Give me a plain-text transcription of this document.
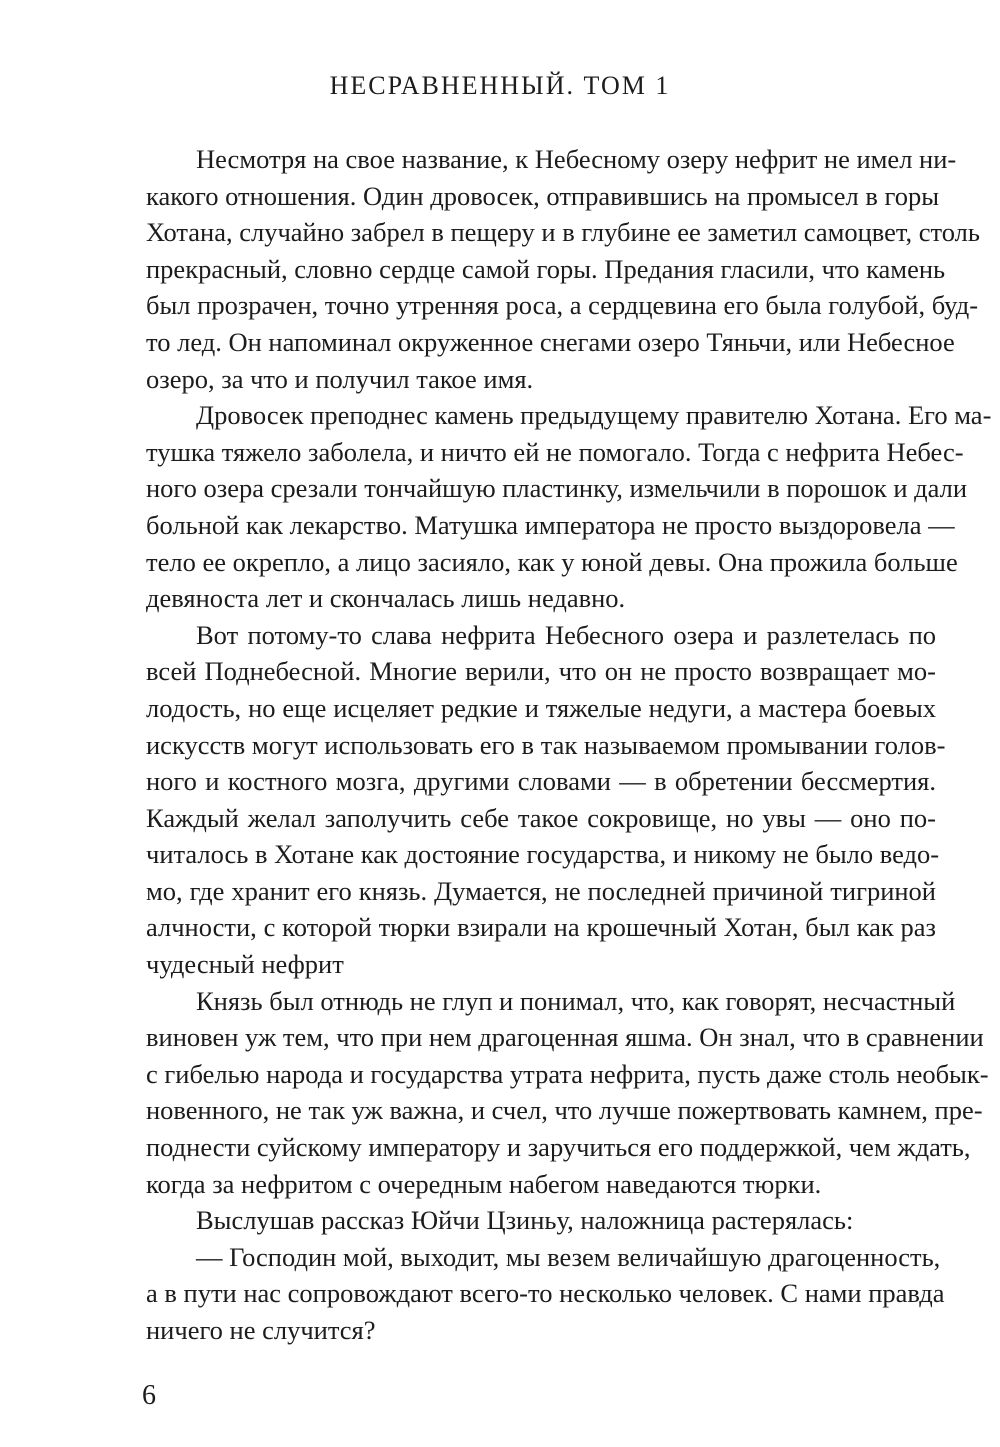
НЕСРАВНЕННЫЙ. ТОМ 1
Несмотря на свое название, к Небесному озеру нефрит не имел ни-
какого отношения. Один дровосек, отправившись на промысел в горы
Хотана, случайно забрел в пещеру и в глубине ее заметил самоцвет, столь
прекрасный, словно сердце самой горы. Предания гласили, что камень
был прозрачен, точно утренняя роса, а сердцевина его была голубой, буд-
то лед. Он напоминал окруженное снегами озеро Тяньчи, или Небесное
озеро, за что и получил такое имя.
Дровосек преподнес камень предыдущему правителю Хотана. Его ма-
тушка тяжело заболела, и ничто ей не помогало. Тогда с нефрита Небес-
ного озера срезали тончайшую пластинку, измельчили в порошок и дали
больной как лекарство. Матушка императора не просто выздоровела —
тело ее окрепло, а лицо засияло, как у юной девы. Она прожила больше
девяноста лет и скончалась лишь недавно.
Вот потому-то слава нефрита Небесного озера и разлетелась по
всей Поднебесной. Многие верили, что он не просто возвращает мо-
лодость, но еще исцеляет редкие и тяжелые недуги, а мастера боевых
искусств могут использовать его в так называемом промывании голов-
ного и костного мозга, другими словами — в обретении бессмертия.
Каждый желал заполучить себе такое сокровище, но увы — оно по-
читалось в Хотане как достояние государства, и никому не было ведо-
мо, где хранит его князь. Думается, не последней причиной тигриной
алчности, с которой тюрки взирали на крошечный Хотан, был как раз
чудесный нефрит
Князь был отнюдь не глуп и понимал, что, как говорят, несчастный
виновен уж тем, что при нем драгоценная яшма. Он знал, что в сравнении
с гибелью народа и государства утрата нефрита, пусть даже столь необык-
новенного, не так уж важна, и счел, что лучше пожертвовать камнем, пре-
поднести суйскому императору и заручиться его поддержкой, чем ждать,
когда за нефритом с очередным набегом наведаются тюрки.
Выслушав рассказ Юйчи Цзиньу, наложница растерялась:
— Господин мой, выходит, мы везем величайшую драгоценность,
а в пути нас сопровождают всего-то несколько человек. С нами правда
ничего не случится?
6
